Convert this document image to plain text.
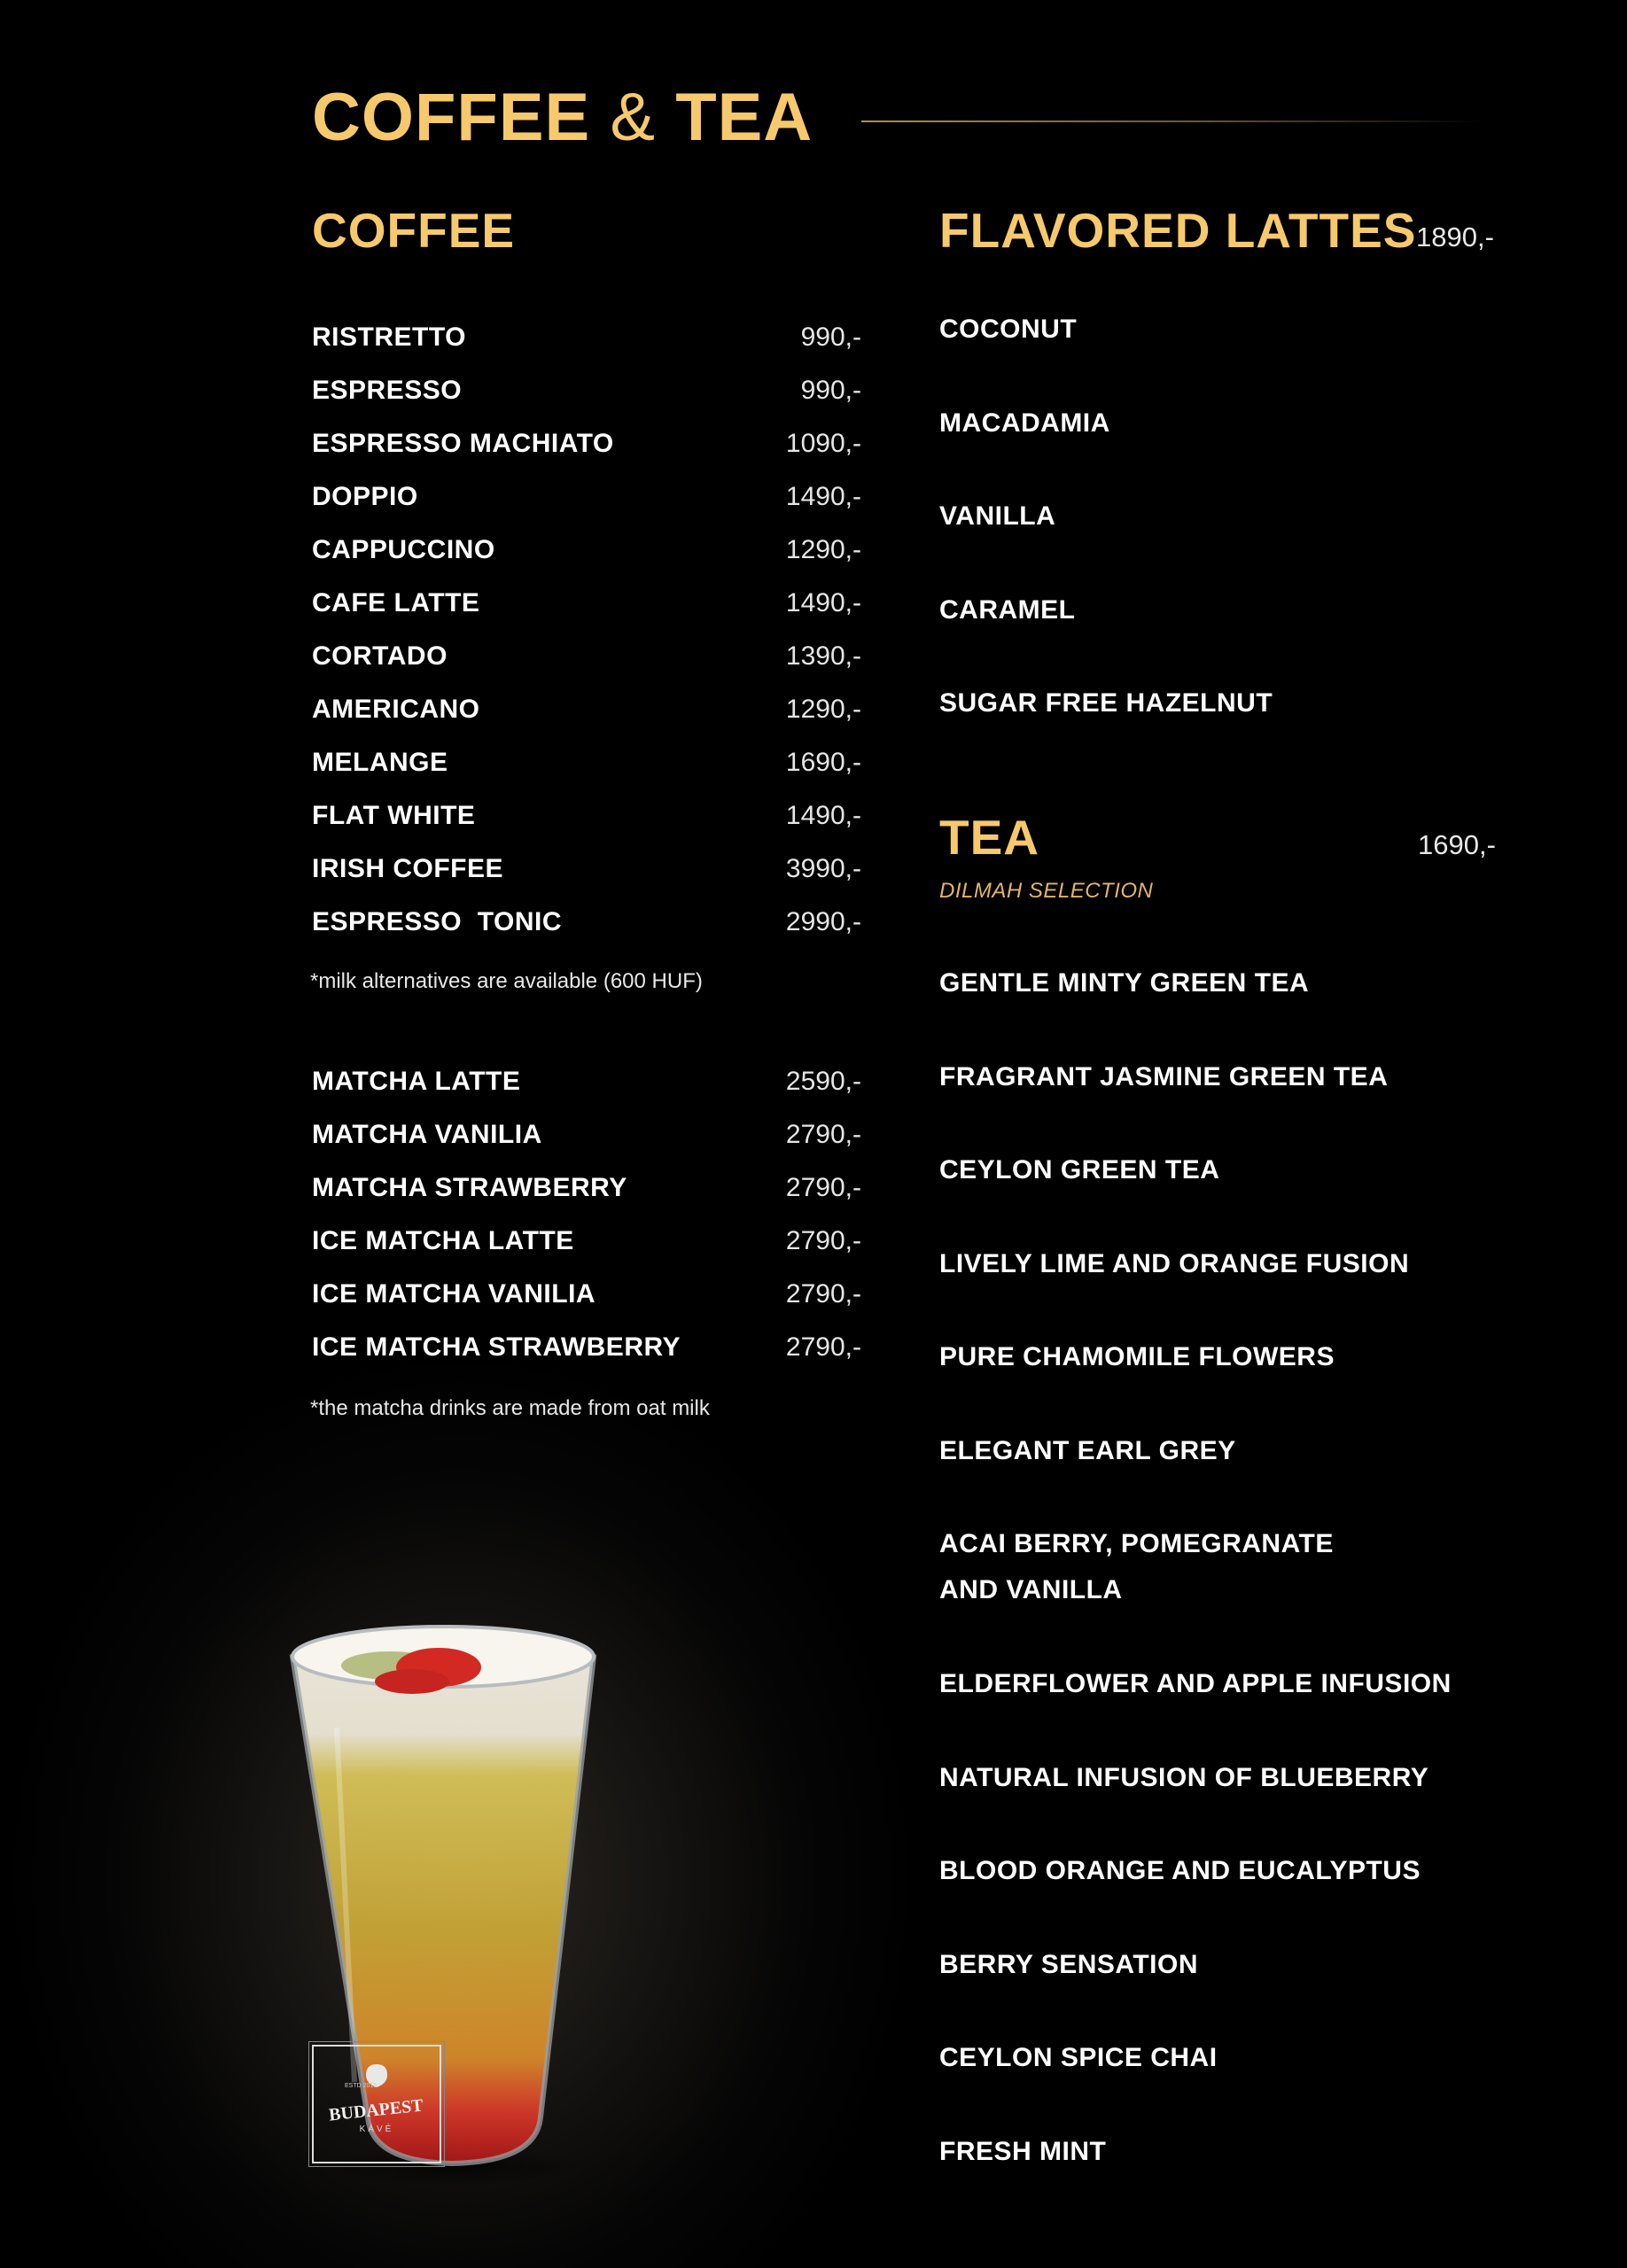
COFFEE & TEA
COFFEE
RISTRETTO	990,-
ESPRESSO	990,-
ESPRESSO MACHIATO	1090,-
DOPPIO	1490,-
CAPPUCCINO	1290,-
CAFE LATTE	1490,-
CORTADO	1390,-
AMERICANO	1290,-
MELANGE	1690,-
FLAT WHITE	1490,-
IRISH COFFEE	3990,-
ESPRESSO  TONIC	2990,-
*milk alternatives are available (600 HUF)
MATCHA LATTE	2590,-
MATCHA VANILIA	2790,-
MATCHA STRAWBERRY	2790,-
ICE MATCHA LATTE	2790,-
ICE MATCHA VANILIA	2790,-
ICE MATCHA STRAWBERRY	2790,-
*the matcha drinks are made from oat milk
FLAVORED LATTES 1890,-
COCONUT
MACADAMIA
VANILLA
CARAMEL
SUGAR FREE HAZELNUT
TEA	1690,-
DILMAH SELECTION
GENTLE MINTY GREEN TEA
FRAGRANT JASMINE GREEN TEA
CEYLON GREEN TEA
LIVELY LIME AND ORANGE FUSION
PURE CHAMOMILE FLOWERS
ELEGANT EARL GREY
ACAI BERRY, POMEGRANATE
AND VANILLA
ELDERFLOWER AND APPLE INFUSION
NATURAL INFUSION OF BLUEBERRY
BLOOD ORANGE AND EUCALYPTUS
BERRY SENSATION
CEYLON SPICE CHAI
FRESH MINT
ESTD 2015
BUDAPEST
KÁVÉ
